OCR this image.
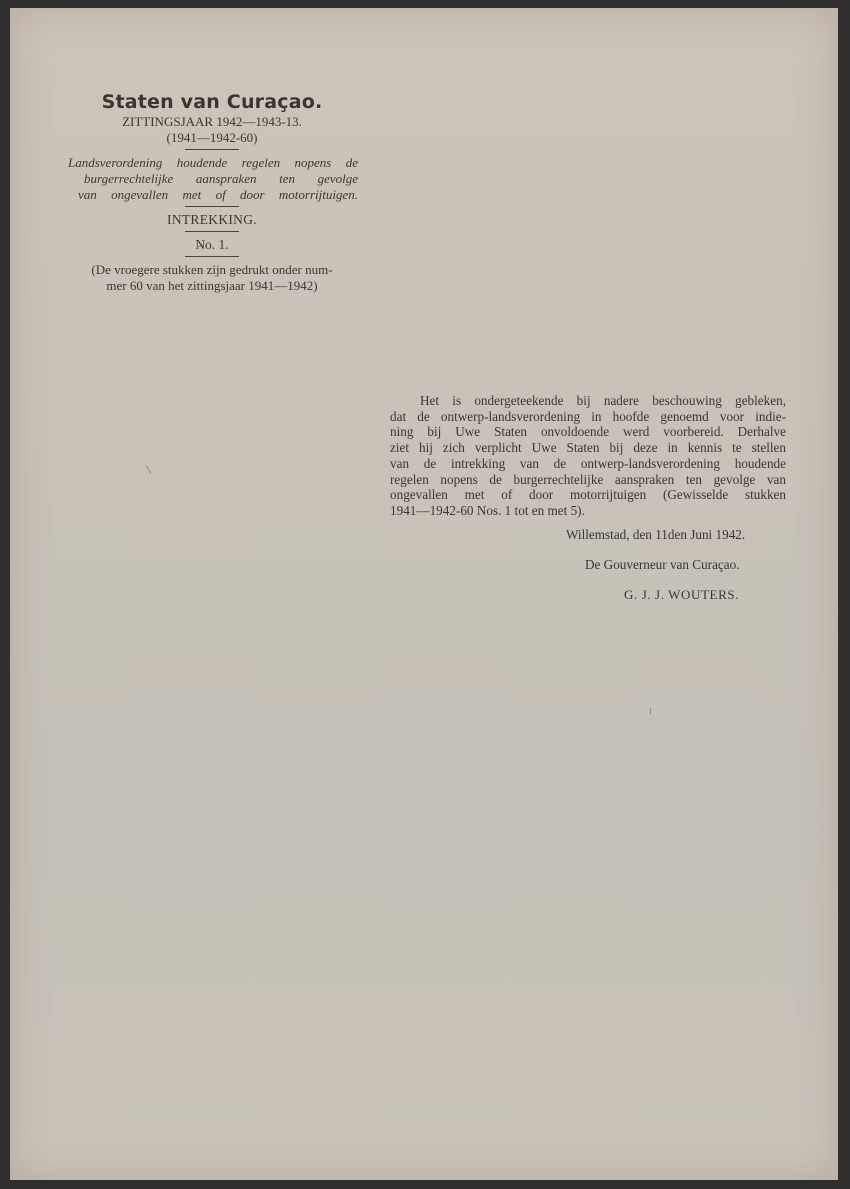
Staten van Curaçao.

ZITTINGSJAAR 1942—1943-13.

(1941—1942-60)

Landsverordening houdende regelen nopens de
burgerrechtelijke aanspraken ten gevolge
van ongevallen met of door motorrijtuigen.

INTREKKING.

No. 1.

(De vroegere stukken zijn gedrukt onder num-
mer 60 van het zittingsjaar 1941—1942)

Het is ondergeteekende bij nadere beschouwing gebleken,
dat de ontwerp-landsverordening in hoofde genoemd voor indie-
ning bij Uwe Staten onvoldoende werd voorbereid. Derhalve
ziet hij zich verplicht Uwe Staten bij deze in kennis te stellen
van de intrekking van de ontwerp-landsverordening houdende
regelen nopens de burgerrechtelijke aanspraken ten gevolge van
ongevallen met of door motorrijtuigen (Gewisselde stukken
1941—1942-60 Nos. 1 tot en met 5).

Willemstad, den 11den Juni 1942.

De Gouverneur van Curaçao.

G. J. J. WOUTERS.
